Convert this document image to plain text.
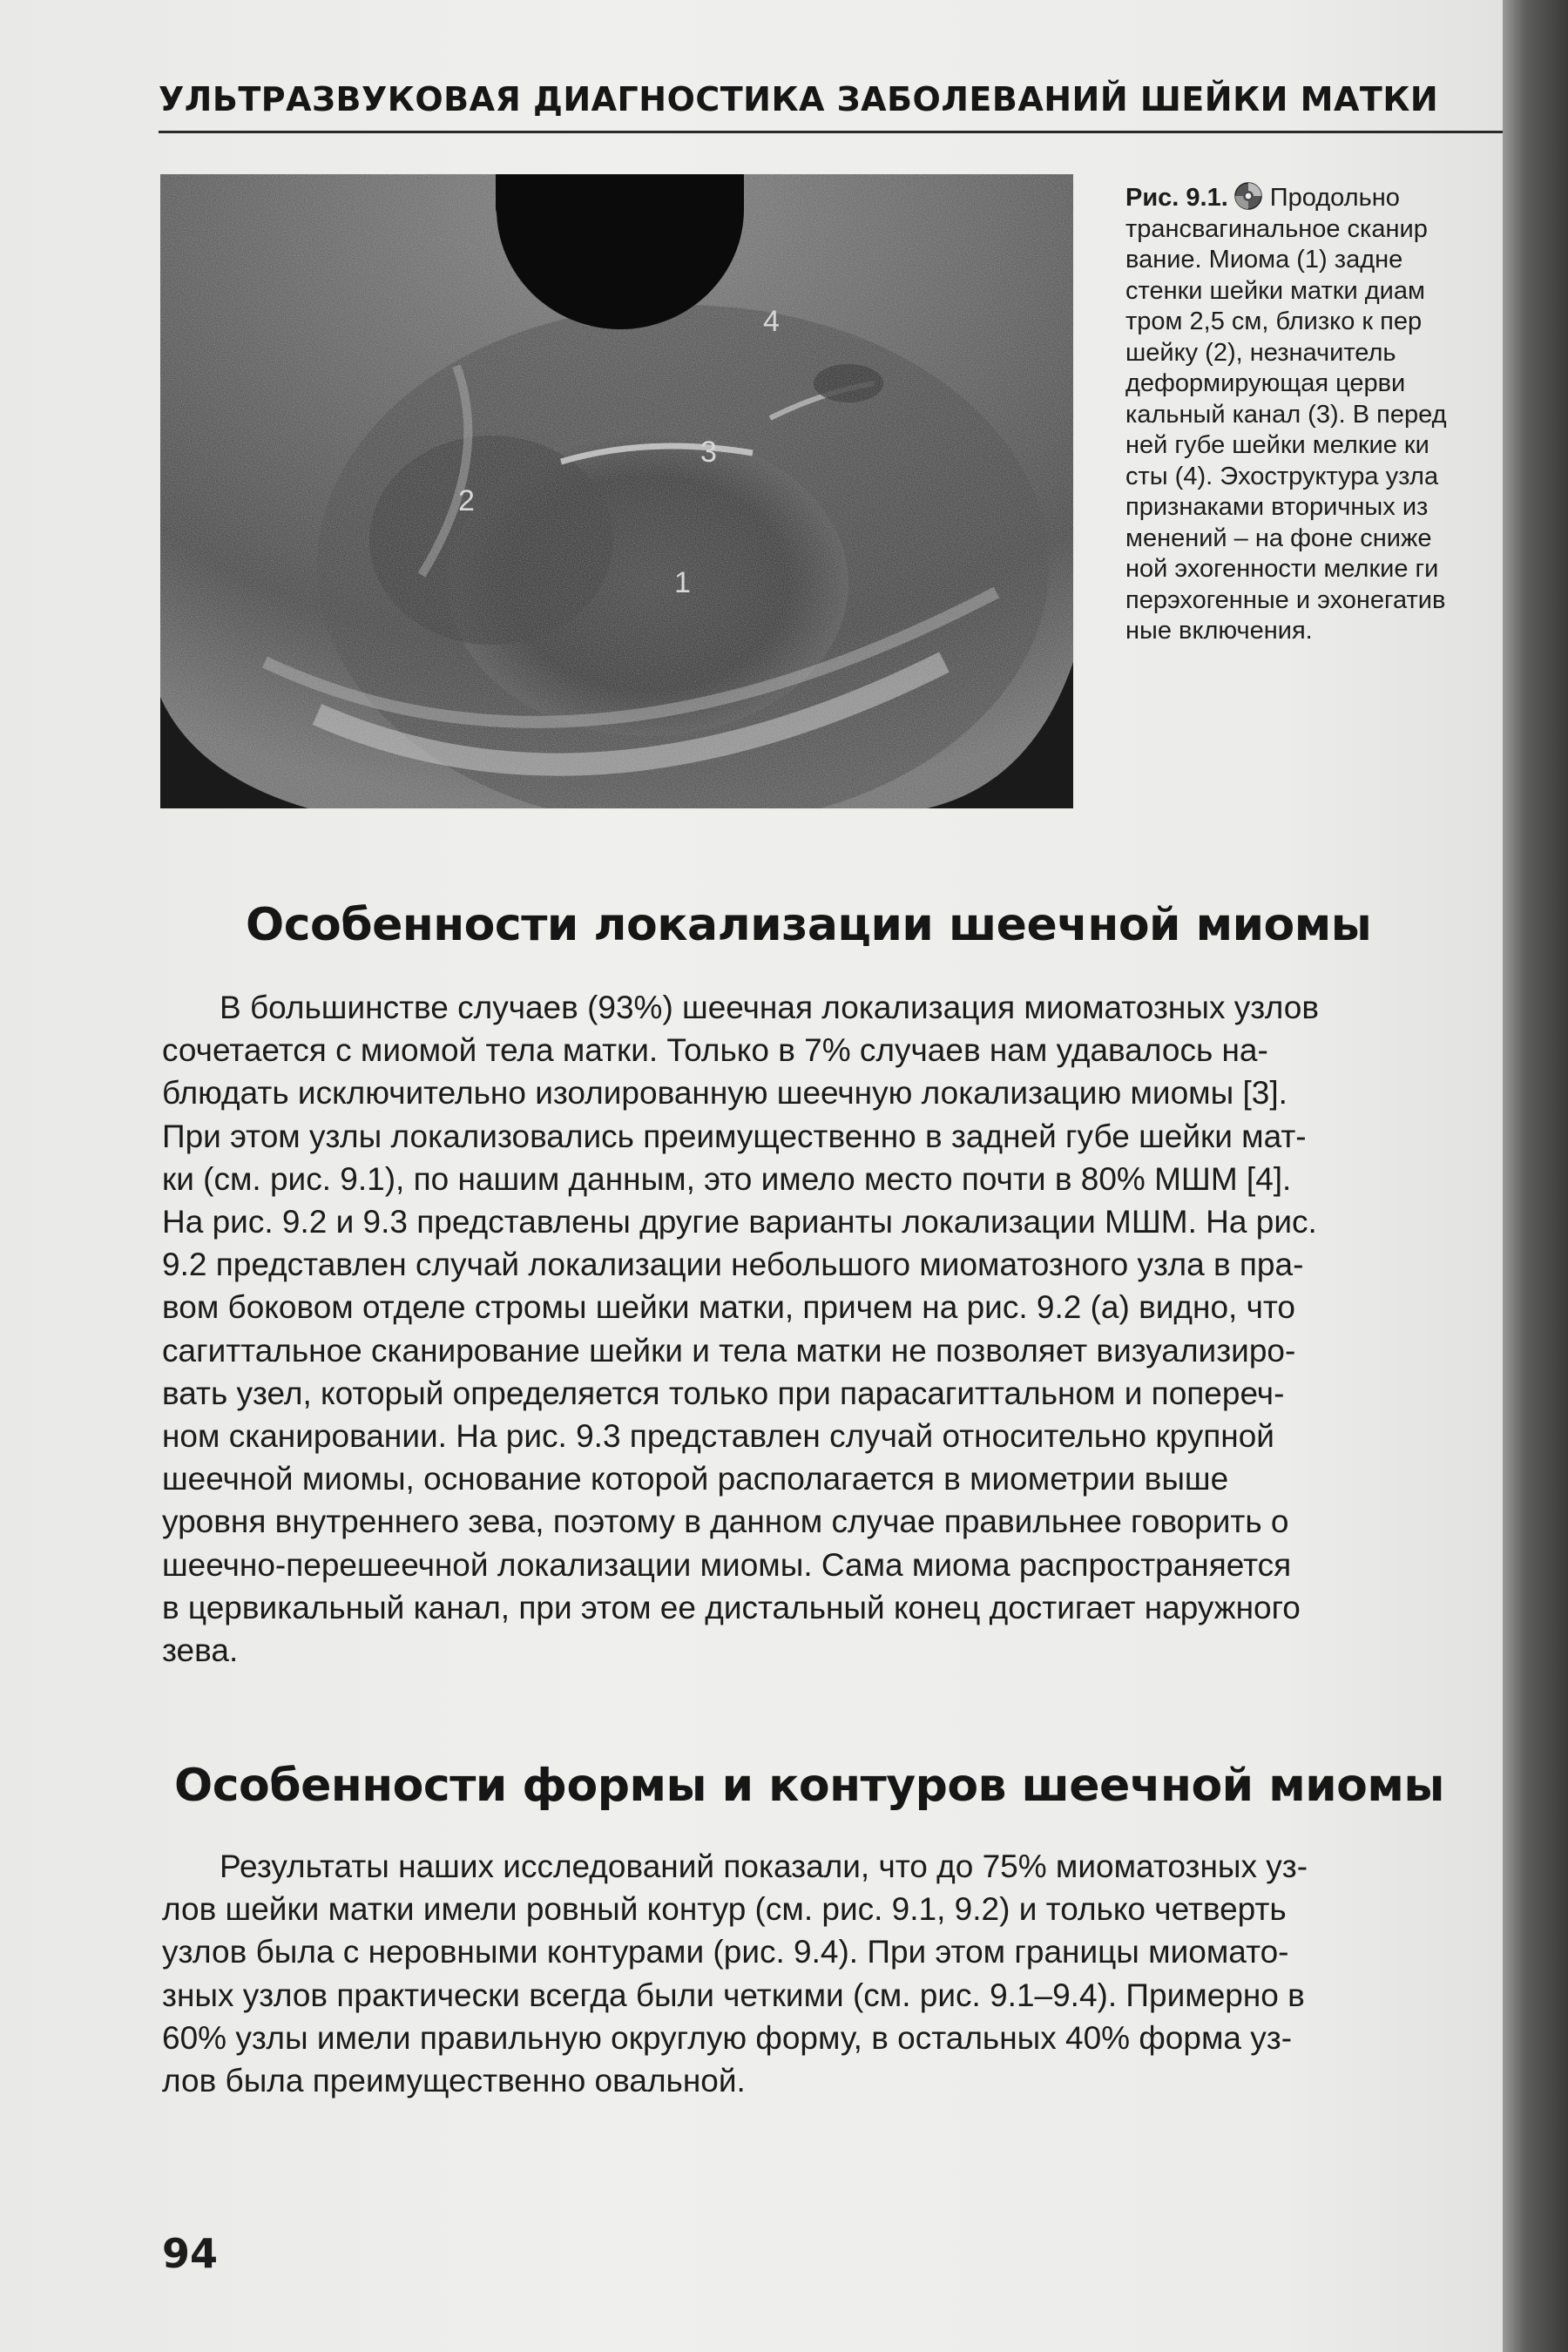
УЛЬТРАЗВУКОВАЯ ДИАГНОСТИКА ЗАБОЛЕВАНИЙ ШЕЙКИ МАТКИ
1
2
3
4
Рис. 9.1. Продольно
трансвагинальное сканир
вание. Миома (1) задне
стенки шейки матки диам
тром 2,5 см, близко к пер
шейку (2), незначитель
деформирующая церви
кальный канал (3). В перед
ней губе шейки мелкие ки
сты (4). Эхоструктура узла
признаками вторичных из
менений – на фоне сниже
ной эхогенности мелкие ги
перэхогенные и эхонегатив
ные включения.
Особенности локализации шеечной миомы
В большинстве случаев (93%) шеечная локализация миоматозных узлов
сочетается с миомой тела матки. Только в 7% случаев нам удавалось на-
блюдать исключительно изолированную шеечную локализацию миомы [3].
При этом узлы локализовались преимущественно в задней губе шейки мат-
ки (см. рис. 9.1), по нашим данным, это имело место почти в 80% МШМ [4].
На рис. 9.2 и 9.3 представлены другие варианты локализации МШМ. На рис.
9.2 представлен случай локализации небольшого миоматозного узла в пра-
вом боковом отделе стромы шейки матки, причем на рис. 9.2 (а) видно, что
сагиттальное сканирование шейки и тела матки не позволяет визуализиро-
вать узел, который определяется только при парасагиттальном и попереч-
ном сканировании. На рис. 9.3 представлен случай относительно крупной
шеечной миомы, основание которой располагается в миометрии выше
уровня внутреннего зева, поэтому в данном случае правильнее говорить о
шеечно-перешеечной локализации миомы. Сама миома распространяется
в цервикальный канал, при этом ее дистальный конец достигает наружного
зева.
Особенности формы и контуров шеечной миомы
Результаты наших исследований показали, что до 75% миоматозных уз-
лов шейки матки имели ровный контур (см. рис. 9.1, 9.2) и только четверть
узлов была с неровными контурами (рис. 9.4). При этом границы миомато-
зных узлов практически всегда были четкими (см. рис. 9.1–9.4). Примерно в
60% узлы имели правильную округлую форму, в остальных 40% форма уз-
лов была преимущественно овальной.
94
